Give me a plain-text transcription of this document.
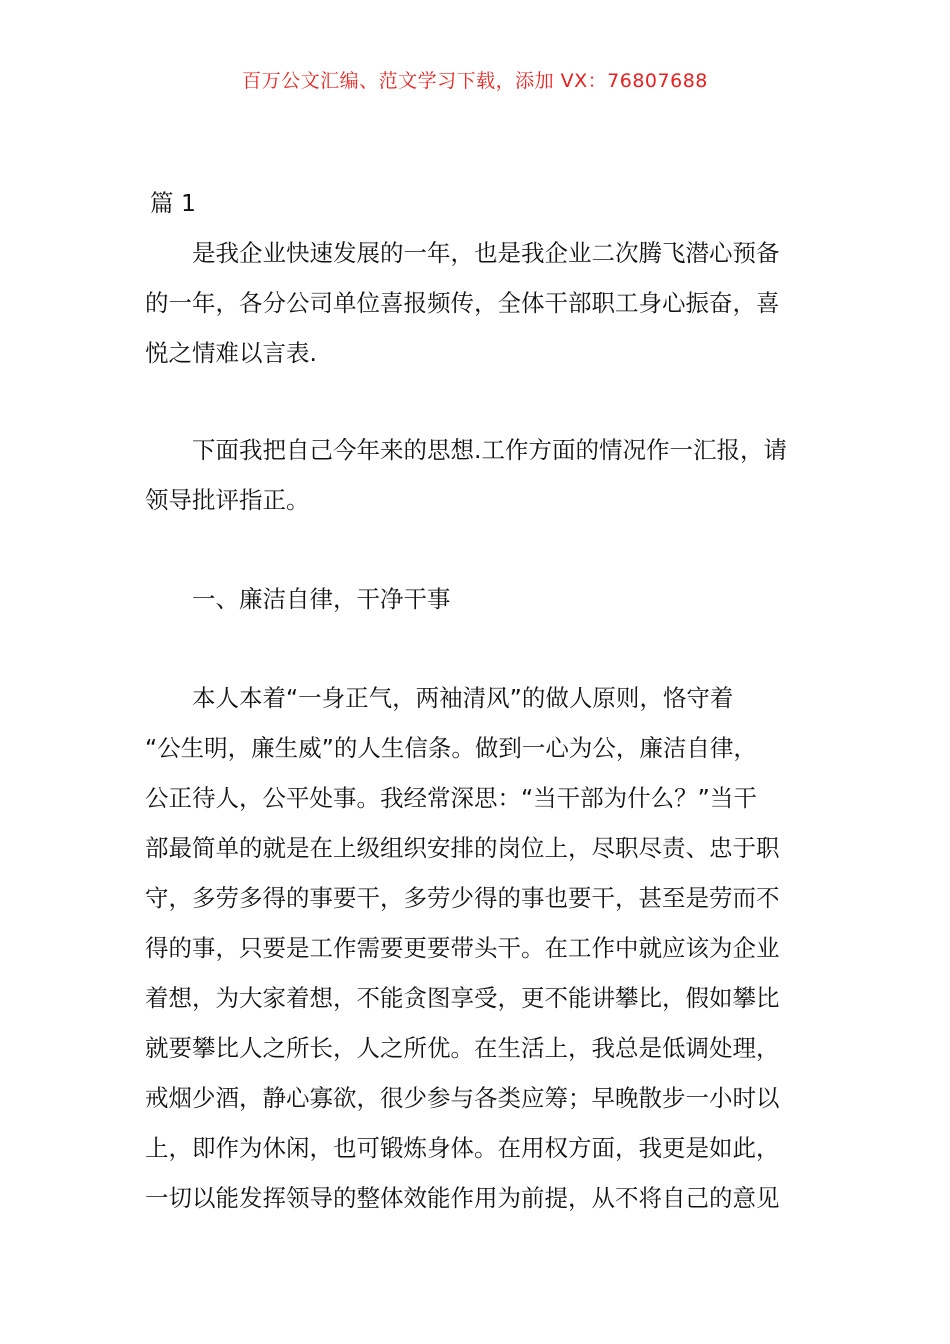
百万公文汇编、范文学习下载，添加 VX：76807688
篇 1
是我企业快速发展的一年，也是我企业二次腾飞潜心预备
的一年，各分公司单位喜报频传，全体干部职工身心振奋，喜
悦之情难以言表.
下面我把自己今年来的思想.工作方面的情况作一汇报，请
领导批评指正。
一、廉洁自律，干净干事
本人本着“一身正气，两袖清风”的做人原则，恪守着
“公生明，廉生威”的人生信条。做到一心为公，廉洁自律，
公正待人，公平处事。我经常深思：“当干部为什么？”当干
部最简单的就是在上级组织安排的岗位上，尽职尽责、忠于职
守，多劳多得的事要干，多劳少得的事也要干，甚至是劳而不
得的事，只要是工作需要更要带头干。在工作中就应该为企业
着想，为大家着想，不能贪图享受，更不能讲攀比，假如攀比
就要攀比人之所长，人之所优。在生活上，我总是低调处理，
戒烟少酒，静心寡欲，很少参与各类应筹；早晚散步一小时以
上，即作为休闲，也可锻炼身体。在用权方面，我更是如此，
一切以能发挥领导的整体效能作用为前提，从不将自己的意见
